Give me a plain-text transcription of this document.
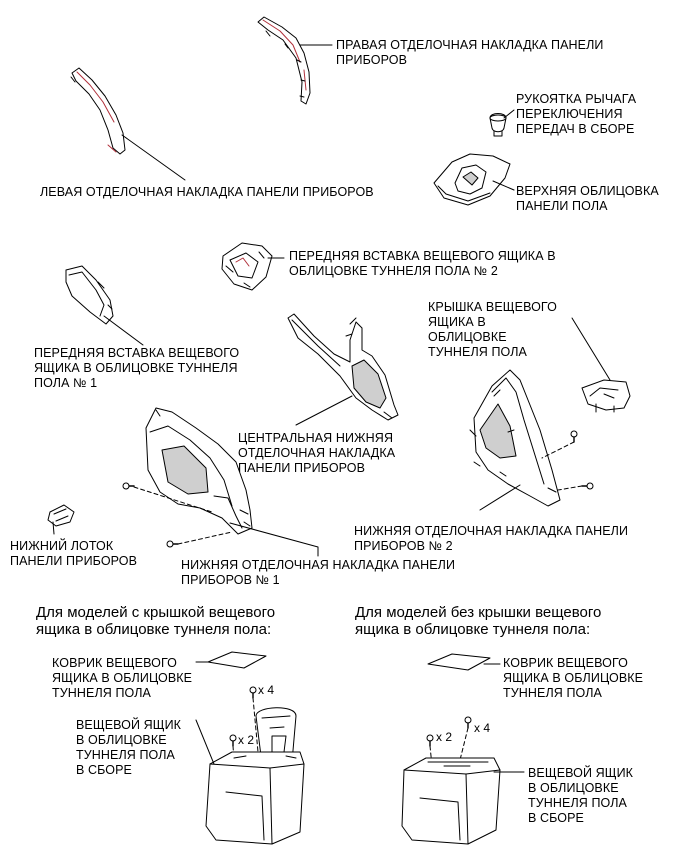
ПРАВАЯ ОТДЕЛОЧНАЯ НАКЛАДКА ПАНЕЛИ
ПРИБОРОВ
РУКОЯТКА РЫЧАГА
ПЕРЕКЛЮЧЕНИЯ
ПЕРЕДАЧ В СБОРЕ
ЛЕВАЯ ОТДЕЛОЧНАЯ НАКЛАДКА ПАНЕЛИ ПРИБОРОВ	ВЕРХНЯЯ ОБЛИЦОВКА
ПАНЕЛИ ПОЛА
ПЕРЕДНЯЯ ВСТАВКА ВЕЩЕВОГО ЯЩИКА В
ОБЛИЦОВКЕ ТУННЕЛЯ ПОЛА № 2
КРЫШКА ВЕЩЕВОГО
ЯЩИКА В
ОБЛИЦОВКЕ
ТУННЕЛЯ ПОЛА
ПЕРЕДНЯЯ ВСТАВКА ВЕЩЕВОГО
ЯЩИКА В ОБЛИЦОВКЕ ТУННЕЛЯ
ПОЛА № 1
ЦЕНТРАЛЬНАЯ НИЖНЯЯ
ОТДЕЛОЧНАЯ НАКЛАДКА
ПАНЕЛИ ПРИБОРОВ
НИЖНЯЯ ОТДЕЛОЧНАЯ НАКЛАДКА ПАНЕЛИ
ПРИБОРОВ № 2
НИЖНИЙ ЛОТОК
ПАНЕЛИ ПРИБОРОВ	НИЖНЯЯ ОТДЕЛОЧНАЯ НАКЛАДКА ПАНЕЛИ
ПРИБОРОВ № 1
Для моделей с крышкой вещевого
ящика в облицовке туннеля пола:
Для моделей без крышки вещевого
ящика в облицовке туннеля пола:
КОВРИК ВЕЩЕВОГО
ЯЩИКА В ОБЛИЦОВКЕ
ТУННЕЛЯ ПОЛА
ВЕЩЕВОЙ ЯЩИК
В ОБЛИЦОВКЕ
ТУННЕЛЯ ПОЛА
В СБОРЕ
КОВРИК ВЕЩЕВОГО
ЯЩИКА В ОБЛИЦОВКЕ
ТУННЕЛЯ ПОЛА
ВЕЩЕВОЙ ЯЩИК
В ОБЛИЦОВКЕ
ТУННЕЛЯ ПОЛА
В СБОРЕ
x 4
x 2	x 2
x 4
